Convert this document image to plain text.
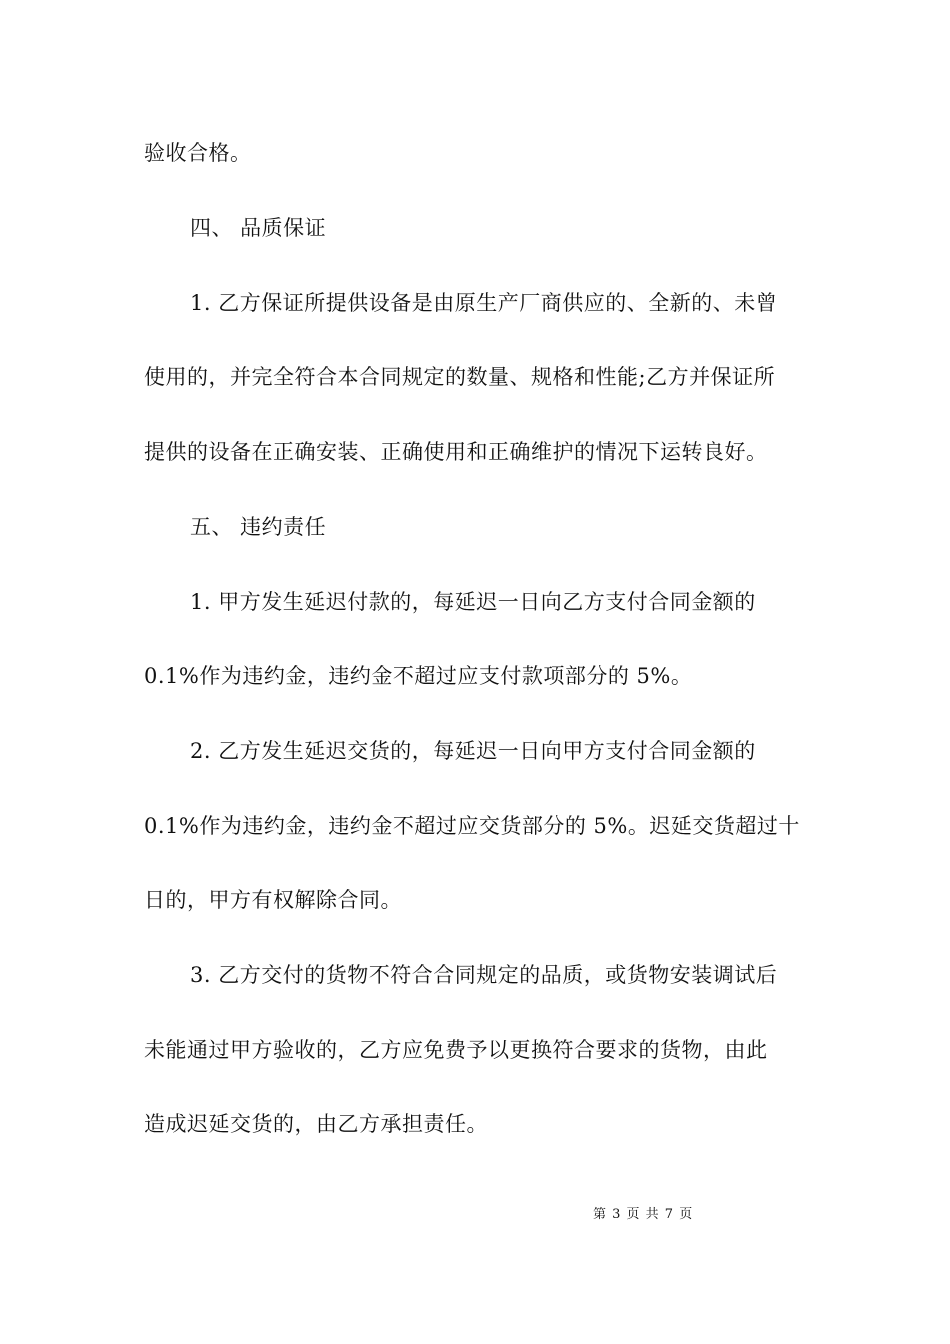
验收合格。
四、 品质保证
1. 乙方保证所提供设备是由原生产厂商供应的、全新的、未曾
使用的，并完全符合本合同规定的数量、规格和性能;乙方并保证所
提供的设备在正确安装、正确使用和正确维护的情况下运转良好。
五、 违约责任
1. 甲方发生延迟付款的，每延迟一日向乙方支付合同金额的
0.1%作为违约金，违约金不超过应支付款项部分的 5%。
2. 乙方发生延迟交货的，每延迟一日向甲方支付合同金额的
0.1%作为违约金，违约金不超过应交货部分的 5%。迟延交货超过十
日的，甲方有权解除合同。
3. 乙方交付的货物不符合合同规定的品质，或货物安装调试后
未能通过甲方验收的，乙方应免费予以更换符合要求的货物，由此
造成迟延交货的，由乙方承担责任。
第 3 页 共 7 页
